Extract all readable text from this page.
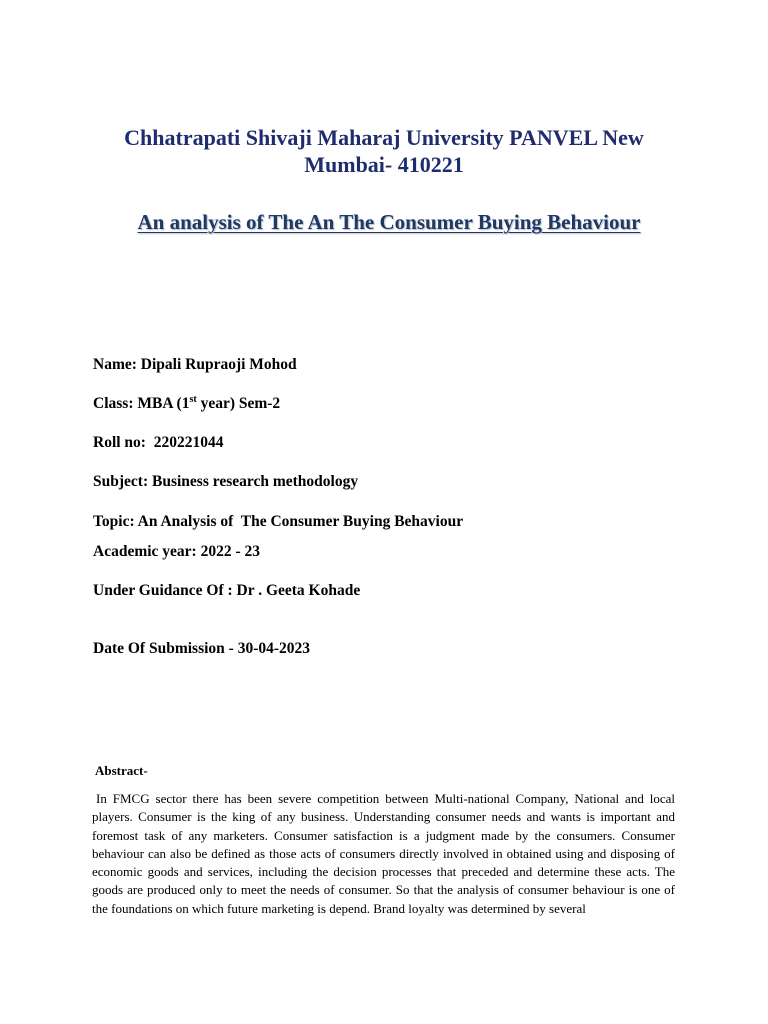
Chhatrapati Shivaji Maharaj University PANVEL New
Mumbai- 410221
An analysis of The An The Consumer Buying Behaviour
Name: Dipali Rupraoji Mohod
Class: MBA (1st year) Sem-2
Roll no:  220221044
Subject: Business research methodology
Topic: An Analysis of  The Consumer Buying Behaviour
Academic year: 2022 - 23
Under Guidance Of : Dr . Geeta Kohade
Date Of Submission - 30-04-2023
Abstract-
In FMCG sector there has been severe competition between Multi-national Company, National and local players. Consumer is the king of any business. Understanding consumer needs and wants is important and foremost task of any marketers. Consumer satisfaction is a judgment made by the consumers. Consumer behaviour can also be defined as those acts of consumers directly involved in obtained using and disposing of economic goods and services, including the decision processes that preceded and determine these acts. The goods are produced only to meet the needs of consumer. So that the analysis of consumer behaviour is one of the foundations on which future marketing is depend. Brand loyalty was determined by several
